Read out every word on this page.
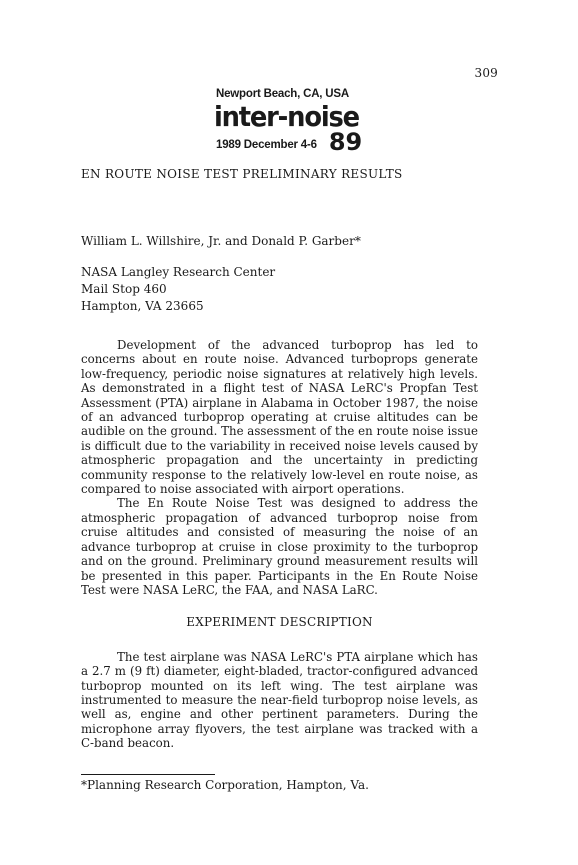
309
Newport Beach, CA, USA
inter-noise
1989 December 4-6 89
EN ROUTE NOISE TEST PRELIMINARY RESULTS
William L. Willshire, Jr. and Donald P. Garber*
NASA Langley Research Center
Mail Stop 460
Hampton, VA 23665

Development of the advanced turboprop has led to concerns about en route noise. Advanced turboprops generate low-frequency, periodic noise signatures at relatively high levels. As demonstrated in a flight test of NASA LeRC's Propfan Test Assessment (PTA) airplane in Alabama in October 1987, the noise of an advanced turboprop operating at cruise altitudes can be audible on the ground. The assessment of the en route noise issue is difficult due to the variability in received noise levels caused by atmospheric propagation and the uncertainty in predicting community response to the relatively low-level en route noise, as compared to noise associated with airport operations.

The En Route Noise Test was designed to address the atmospheric propagation of advanced turboprop noise from cruise altitudes and consisted of measuring the noise of an advance turboprop at cruise in close proximity to the turboprop and on the ground. Preliminary ground measurement results will be presented in this paper. Participants in the En Route Noise Test were NASA LeRC, the FAA, and NASA LaRC.

EXPERIMENT DESCRIPTION

The test airplane was NASA LeRC's PTA airplane which has a 2.7 m (9 ft) diameter, eight-bladed, tractor-configured advanced turboprop mounted on its left wing. The test airplane was instrumented to measure the near-field turboprop noise levels, as well as, engine and other pertinent parameters. During the microphone array flyovers, the test airplane was tracked with a C-band beacon.

*Planning Research Corporation, Hampton, Va.
